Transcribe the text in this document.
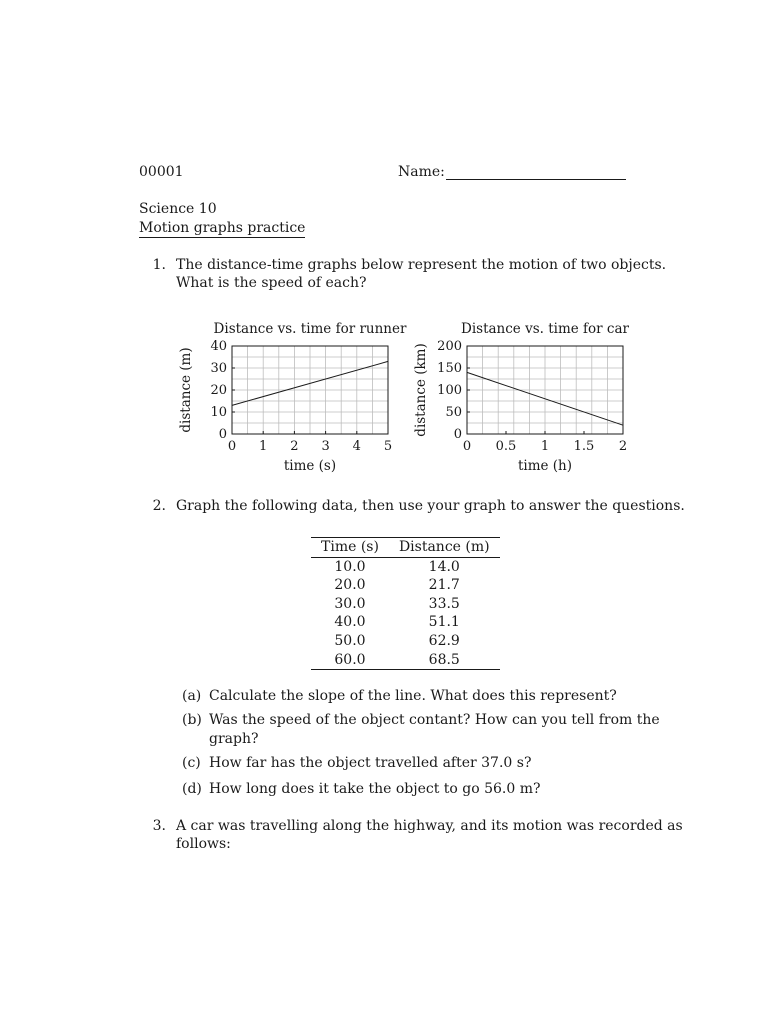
00001	Name:
Science 10
Motion graphs practice
1. The distance-time graphs below represent the motion of two objects.
What is the speed of each?
0 1 2 3 4 5
0
10
20
30
40
Distance vs. time for runner
time (s)
distance (m)
0 0.5 1 1.5 2
0
50
100
150
200
Distance vs. time for car
time (h)
distance (km)
2. Graph the following data, then use your graph to answer the questions.
Time (s)	Distance (m)
10.0	14.0
20.0	21.7
30.0	33.5
40.0	51.1
50.0	62.9
60.0	68.5
(a) Calculate the slope of the line. What does this represent?
(b) Was the speed of the object contant? How can you tell from the
graph?
(c) How far has the object travelled after 37.0 s?
(d) How long does it take the object to go 56.0 m?
3. A car was travelling along the highway, and its motion was recorded as
follows:
